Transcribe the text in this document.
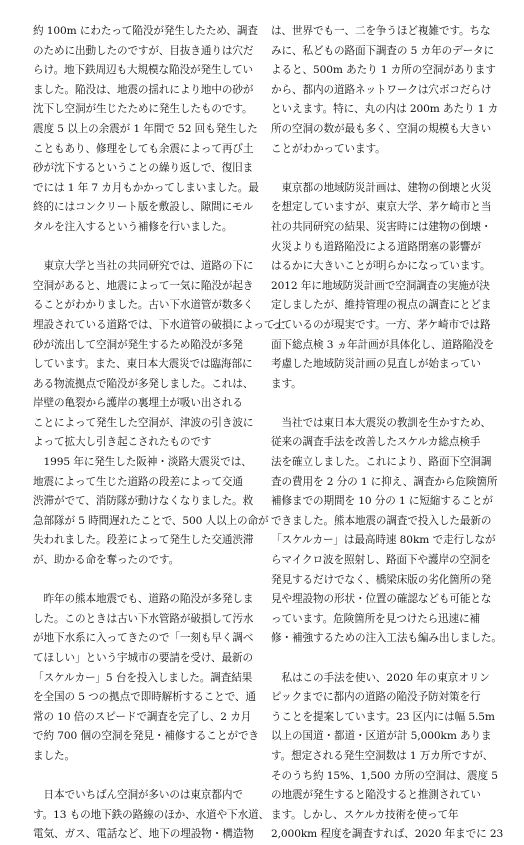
約 100m にわたって陥没が発生したため、調査
のために出動したのですが、目抜き通りは穴だ
らけ。地下鉄周辺も大規模な陥没が発生してい
ました。陥没は、地震の揺れにより地中の砂が
沈下し空洞が生じたために発生したものです。
震度 5 以上の余震が 1 年間で 52 回も発生した
こともあり、修理をしても余震によって再び土
砂が沈下するということの繰り返しで、復旧ま
でには 1 年 7 カ月もかかってしまいました。最
終的にはコンクリート版を敷設し、隙間にモル
タルを注入するという補修を行いました。

　東京大学と当社の共同研究では、道路の下に
空洞があると、地震によって一気に陥没が起き
ることがわかりました。古い下水道管が数多く
埋設されている道路では、下水道管の破損によって土
砂が流出して空洞が発生するため陥没が多発
しています。また、東日本大震災では臨海部に
ある物流拠点で陥没が多発しました。これは、
岸壁の亀裂から護岸の裏埋土が吸い出される
ことによって発生した空洞が、津波の引き波に
よって拡大し引き起こされたものです
　1995 年に発生した阪神・淡路大震災では、
地震によって生じた道路の段差によって交通
渋滞がでて、消防隊が動けなくなりました。救
急部隊が 5 時間遅れたことで、500 人以上の命が
失われました。段差によって発生した交通渋滞
が、助かる命を奪ったのです。

　昨年の熊本地震でも、道路の陥没が多発しま
した。このときは古い下水管路が破損して汚水
が地下水系に入ってきたので「一刻も早く調べ
てほしい」という宇城市の要請を受け、最新の
「スケルカー」5 台を投入しました。調査結果
を全国の 5 つの拠点で即時解析することで、通
常の 10 倍のスピードで調査を完了し、2 カ月
で約 700 個の空洞を発見・補修することができ
ました。

　日本でいちばん空洞が多いのは東京都内で
す。13 もの地下鉄の路線のほか、水道や下水道、
電気、ガス、電話など、地下の埋設物・構造物

は、世界でも一、二を争うほど複雑です。ちな
みに、私どもの路面下調査の 5 カ年のデータに
よると、500m あたり 1 カ所の空洞があります
から、都内の道路ネットワークは穴ボコだらけ
といえます。特に、丸の内は 200m あたり 1 カ
所の空洞の数が最も多く、空洞の規模も大きい
ことがわかっています。

　東京都の地域防災計画は、建物の倒壊と火災
を想定していますが、東京大学、茅ケ崎市と当
社の共同研究の結果、災害時には建物の倒壊・
火災よりも道路陥没による道路閉塞の影響が
はるかに大きいことが明らかになっています。
2012 年に地域防災計画で空洞調査の実施が決
定しましたが、維持管理の視点の調査にとどま
っているのが現実です。一方、茅ケ崎市では路
面下総点検 3 ヵ年計画が具体化し、道路陥没を
考慮した地域防災計画の見直しが始まってい
ます。

　当社では東日本大震災の教訓を生かすため、
従来の調査手法を改善したスケルカ総点検手
法を確立しました。これにより、路面下空洞調
査の費用を 2 分の 1 に抑え、調査から危険箇所
補修までの期間を 10 分の 1 に短縮することが
できました。熊本地震の調査で投入した最新の
「スケルカー」は最高時速 80km で走行しなが
らマイクロ波を照射し、路面下や護岸の空洞を
発見するだけでなく、橋梁床版の劣化箇所の発
見や埋設物の形状・位置の確認なども可能とな
っています。危険箇所を見つけたら迅速に補
修・補強するための注入工法も編み出しました。

　私はこの手法を使い、2020 年の東京オリン
ピックまでに都内の道路の陥没予防対策を行
うことを提案しています。23 区内には幅 5.5m
以上の国道・都道・区道が計 5,000km ありま
す。想定される発生空洞数は 1 万カ所ですが、
そのうち約 15%、1,500 カ所の空洞は、震度 5
の地震が発生すると陥没すると推測されてい
ます。しかし、スケルカ技術を使って年
2,000km 程度を調査すれば、2020 年までに 23
